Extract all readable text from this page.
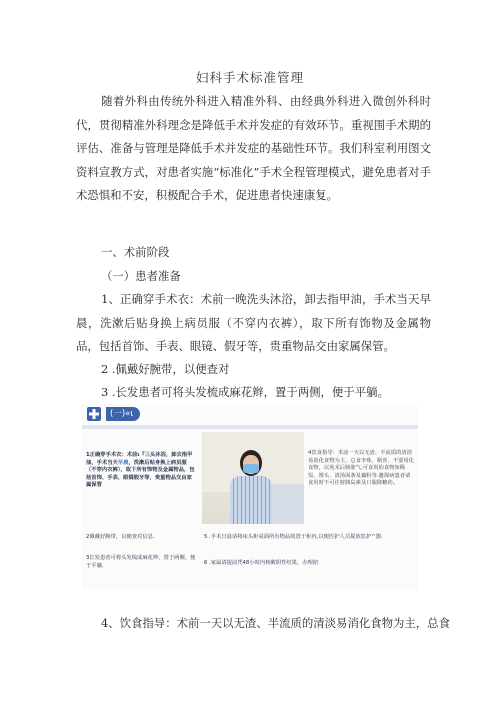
妇科手术标准管理
随着外科由传统外科进入精准外科、由经典外科进入微创外科时代，贯彻精准外科理念是降低手术并发症的有效环节。重视围手术期的评估、准备与管理是降低手术并发症的基础性环节。我们科室利用图文资料宣教方式，对患者实施“标准化”手术全程管理模式，避免患者对手术恐惧和不安，积极配合手术，促进患者快速康复。
一、术前阶段
（一）患者准备
1、正确穿手术衣：术前一晚洗头沐浴，卸去指甲油，手术当天早晨，洗漱后贴身换上病员服（不穿内衣裤），取下所有饰物及金属物品，包括首饰、手表、眼镜、假牙等，贵重物品交由家属保管。
2 .佩戴好腕带，以便查对
3 .长发患者可将头发梳成麻花辫，置于两侧，便于平躺。
(一)«ι
1正确穿手术衣：术前ι『三头沐浴，卸去指甲油，手术当天早晨，洗漱后贴身换上病员服（不穿内衣裤），取下所有饰物及金属物品，包括首饰、手表、眼镜假牙等，贵重物品交由家属保管
4饮食指导：术前一天以无渣、半流质的清淡易消化食物为主，总食伞珠，制喜、不要用化食物，以免术后肠胀气,可食用的食物如稀饭、馒头、清汤面条及藕粉等.邀探病患者请食用时不可注射胰岛素及口服降糖药。
2佩戴好腕带，以便查对信息.
3长发患者可将头发梳成麻花辫，置于两侧，便于平躺.
5 .手术日晨请将床头柜桌面所有物品收置于柜内,以便医护人员提放监护^器.
6 .家属请提前凭48小时内核酸阴性结果，办理陪
4、饮食指导：术前一天以无渣、半流质的清淡易消化食物为主，总食
